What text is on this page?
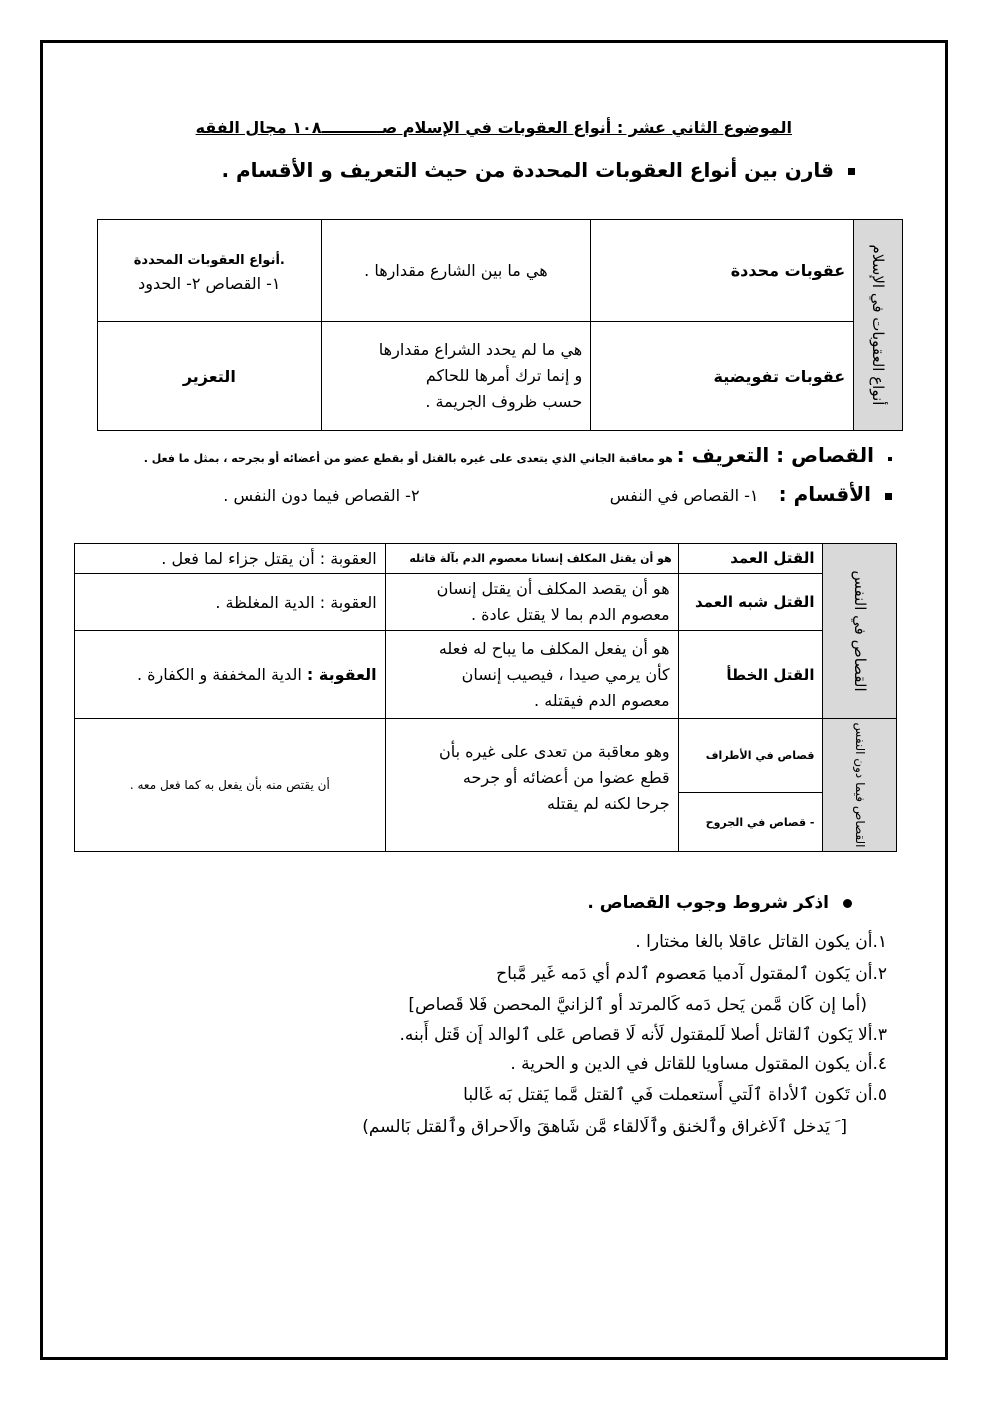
الموضوع الثاني عشر : أنواع العقوبات في الإسلام صـــــــــــ١٠٨ مجال الفقه
قارن بين أنواع العقوبات المحددة من حيث التعريف و الأقسام .
أنواع العقوبات المحددة.
١- القصاص ٢- الحدود	هي ما بين الشارع مقدارها .	عقوبات محددة	أنواع العقوبات في الإسلام

التعزير	هي ما لم يحدد الشراع مقدارها
و إنما ترك أمرها للحاكم
حسب ظروف الجريمة .	عقوبات تفويضية	
القصاص : التعريف : هو معاقبة الجاني الذي يتعدى على غيره بالقتل أو بقطع عضو من أعضائه أو بجرحه ، بمثل ما فعل .
الأقسام :  ١- القصاص في النفس  ٢- القصاص فيما دون النفس .
العقوبة : أن يقتل جزاء لما فعل .	هو أن يقتل المكلف إنسانا معصوم الدم بآلة قاتله	القتل العمد	القصاص في النفس

العقوبة : الدية المغلظة .	هو أن يقصد المكلف أن يقتل إنسان
معصوم الدم بما لا يقتل عادة .	القتل شبه العمد	
العقوبة : الدية المخففة و الكفارة .	هو أن يفعل المكلف ما يباح له فعله
كأن يرمي صيدا ، فيصيب إنسان
معصوم الدم فيقتله .	القتل الخطأ	
أن يقتص منه بأن يفعل به كما فعل معه .	وهو معاقبة من تعدى على غيره بأن
قطع عضوا من أعضائه أو جرحه
جرحا لكنه لم يقتله	قصاص في الأطراف	القصاص فيما دون النفس

		- قصاص في الجروح	
اذكر شروط وجوب القصاص .
١.أن يكون القاتل عاقلا بالغا مختارا .
٢.أن يَكون ٱلمقتول آدميا مَعصوم ٱلدم أي دَمه غَير مَّباح
(أما إن كَان مَّمن يَحل دَمه كَالمرتد أو ٱلزانيَّ المحصن فَلا قَصاص]
٣.ألا يَكون ٱلقاتل أصلا لَلمقتول لَأنه لَا قصاص عَلى ٱلوالد إَن قَتل أَبنه.
٤.أن يكون المقتول مساويا للقاتل في الدين و الحرية .
٥.أن تَكون ٱلأداة ٱلَتي أَستعملت فَي ٱلقتل مَّما يَقتل بَه غَالبا
[ َ يَدخل ٱلَاغراق وٱَلخنق وٱَلَالقاء مَّن شَاهقَ والَاحراق وٱَلقتل بَالسم)
